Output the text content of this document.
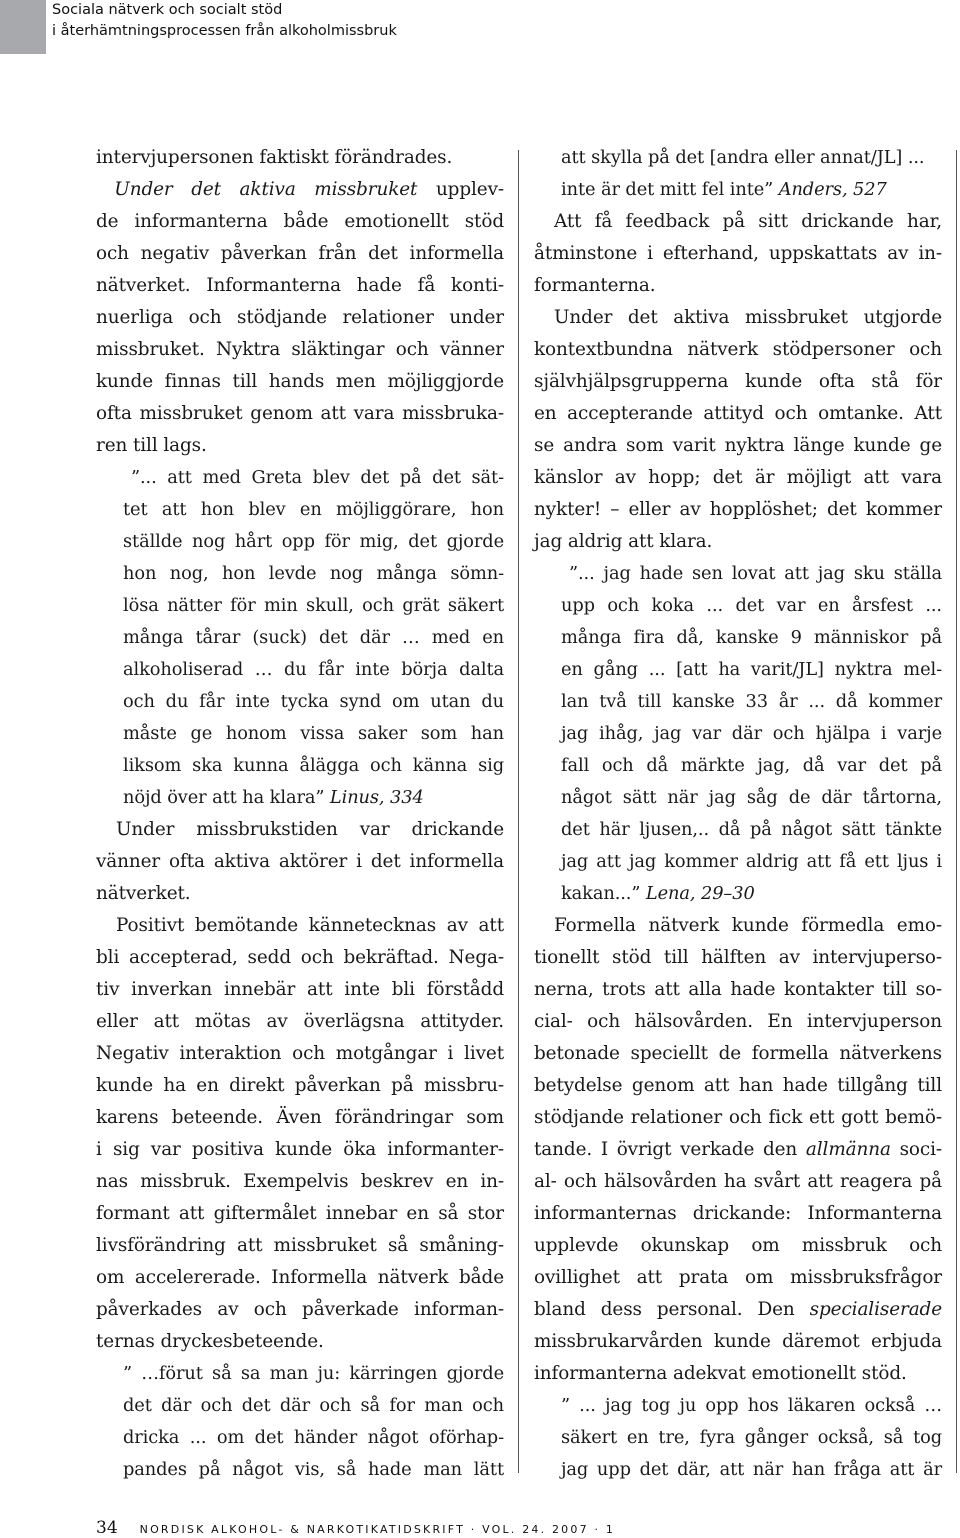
Sociala nätverk och socialt stöd
i återhämtningsprocessen från alkoholmissbruk

intervjupersonen faktiskt förändrades.

 Under det aktiva missbruket upplev-
de informanterna både emotionellt stöd
och negativ påverkan från det informella
nätverket. Informanterna hade få konti-
nuerliga och stödjande relationer under
missbruket. Nyktra släktingar och vänner
kunde finnas till hands men möjliggjorde
ofta missbruket genom att vara missbruka-
ren till lags.

”... att med Greta blev det på det sät-
tet att hon blev en möjliggörare, hon
ställde nog hårt opp för mig, det gjorde
hon nog, hon levde nog många sömn-
lösa nätter för min skull, och grät säkert
många tårar (suck) det där … med en
alkoholiserad … du får inte börja dalta
och du får inte tycka synd om utan du
måste ge honom vissa saker som han
liksom ska kunna ålägga och känna sig
nöjd över att ha klara” Linus, 334

Under missbrukstiden var drickande
vänner ofta aktiva aktörer i det informella
nätverket.

Positivt bemötande kännetecknas av att
bli accepterad, sedd och bekräftad. Nega-
tiv inverkan innebär att inte bli förstådd
eller att mötas av överlägsna attityder.
Negativ interaktion och motgångar i livet
kunde ha en direkt påverkan på missbru-
karens beteende. Även förändringar som
i sig var positiva kunde öka informanter-
nas missbruk. Exempelvis beskrev en in-
formant att giftermålet innebar en så stor
livsförändring att missbruket så småning-
om accelererade. Informella nätverk både
påverkades av och påverkade informan-
ternas dryckesbeteende.

” …förut så sa man ju: kärringen gjorde
det där och det där och så for man och
dricka ... om det händer något oförhap-
pandes på något vis, så hade man lätt

att skylla på det [andra eller annat/JL] ...
inte är det mitt fel inte” Anders, 527

Att få feedback på sitt drickande har,
åtminstone i efterhand, uppskattats av in-
formanterna.

Under det aktiva missbruket utgjorde
kontextbundna nätverk stödpersoner och
självhjälpsgrupperna kunde ofta stå för
en accepterande attityd och omtanke. Att
se andra som varit nyktra länge kunde ge
känslor av hopp; det är möjligt att vara
nykter! – eller av hopplöshet; det kommer
jag aldrig att klara.

”... jag hade sen lovat att jag sku ställa
upp och koka ... det var en årsfest ...
många fira då, kanske 9 människor på
en gång ... [att ha varit/JL] nyktra mel-
lan två till kanske 33 år ... då kommer
jag ihåg, jag var där och hjälpa i varje
fall och då märkte jag, då var det på
något sätt när jag såg de där tårtorna,
det här ljusen,.. då på något sätt tänkte
jag att jag kommer aldrig att få ett ljus i
kakan...” Lena, 29–30

Formella nätverk kunde förmedla emo-
tionellt stöd till hälften av intervjuperso-
nerna, trots att alla hade kontakter till so-
cial- och hälsovården. En intervjuperson
betonade speciellt de formella nätverkens
betydelse genom att han hade tillgång till
stödjande relationer och fick ett gott bemö-
tande. I övrigt verkade den allmänna soci-
al- och hälsovården ha svårt att reagera på
informanternas drickande: Informanterna
upplevde okunskap om missbruk och
ovillighet att prata om missbruksfrågor
bland dess personal. Den specialiserade
missbrukarvården kunde däremot erbjuda
informanterna adekvat emotionellt stöd.

” ... jag tog ju opp hos läkaren också …
säkert en tre, fyra gånger också, så tog
jag upp det där, att när han fråga att är

34 NORDISK ALKOHOL- & NARKOTIKATIDSKRIFT · VOL. 24. 2007 · 1
